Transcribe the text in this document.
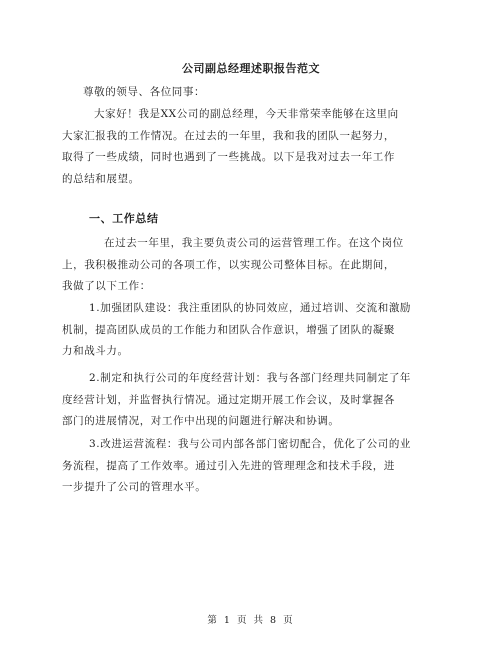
公司副总经理述职报告范文

尊敬的领导、各位同事：

大家好！我是XX公司的副总经理，今天非常荣幸能够在这里向
大家汇报我的工作情况。在过去的一年里，我和我的团队一起努力，
取得了一些成绩，同时也遇到了一些挑战。以下是我对过去一年工作
的总结和展望。

一、工作总结

在过去一年里，我主要负责公司的运营管理工作。在这个岗位
上，我积极推动公司的各项工作，以实现公司整体目标。在此期间，
我做了以下工作：

1.加强团队建设：我注重团队的协同效应，通过培训、交流和激励
机制，提高团队成员的工作能力和团队合作意识，增强了团队的凝聚
力和战斗力。

2.制定和执行公司的年度经营计划：我与各部门经理共同制定了年
度经营计划，并监督执行情况。通过定期开展工作会议，及时掌握各
部门的进展情况，对工作中出现的问题进行解决和协调。

3.改进运营流程：我与公司内部各部门密切配合，优化了公司的业
务流程，提高了工作效率。通过引入先进的管理理念和技术手段，进
一步提升了公司的管理水平。

第 1 页 共 8 页
